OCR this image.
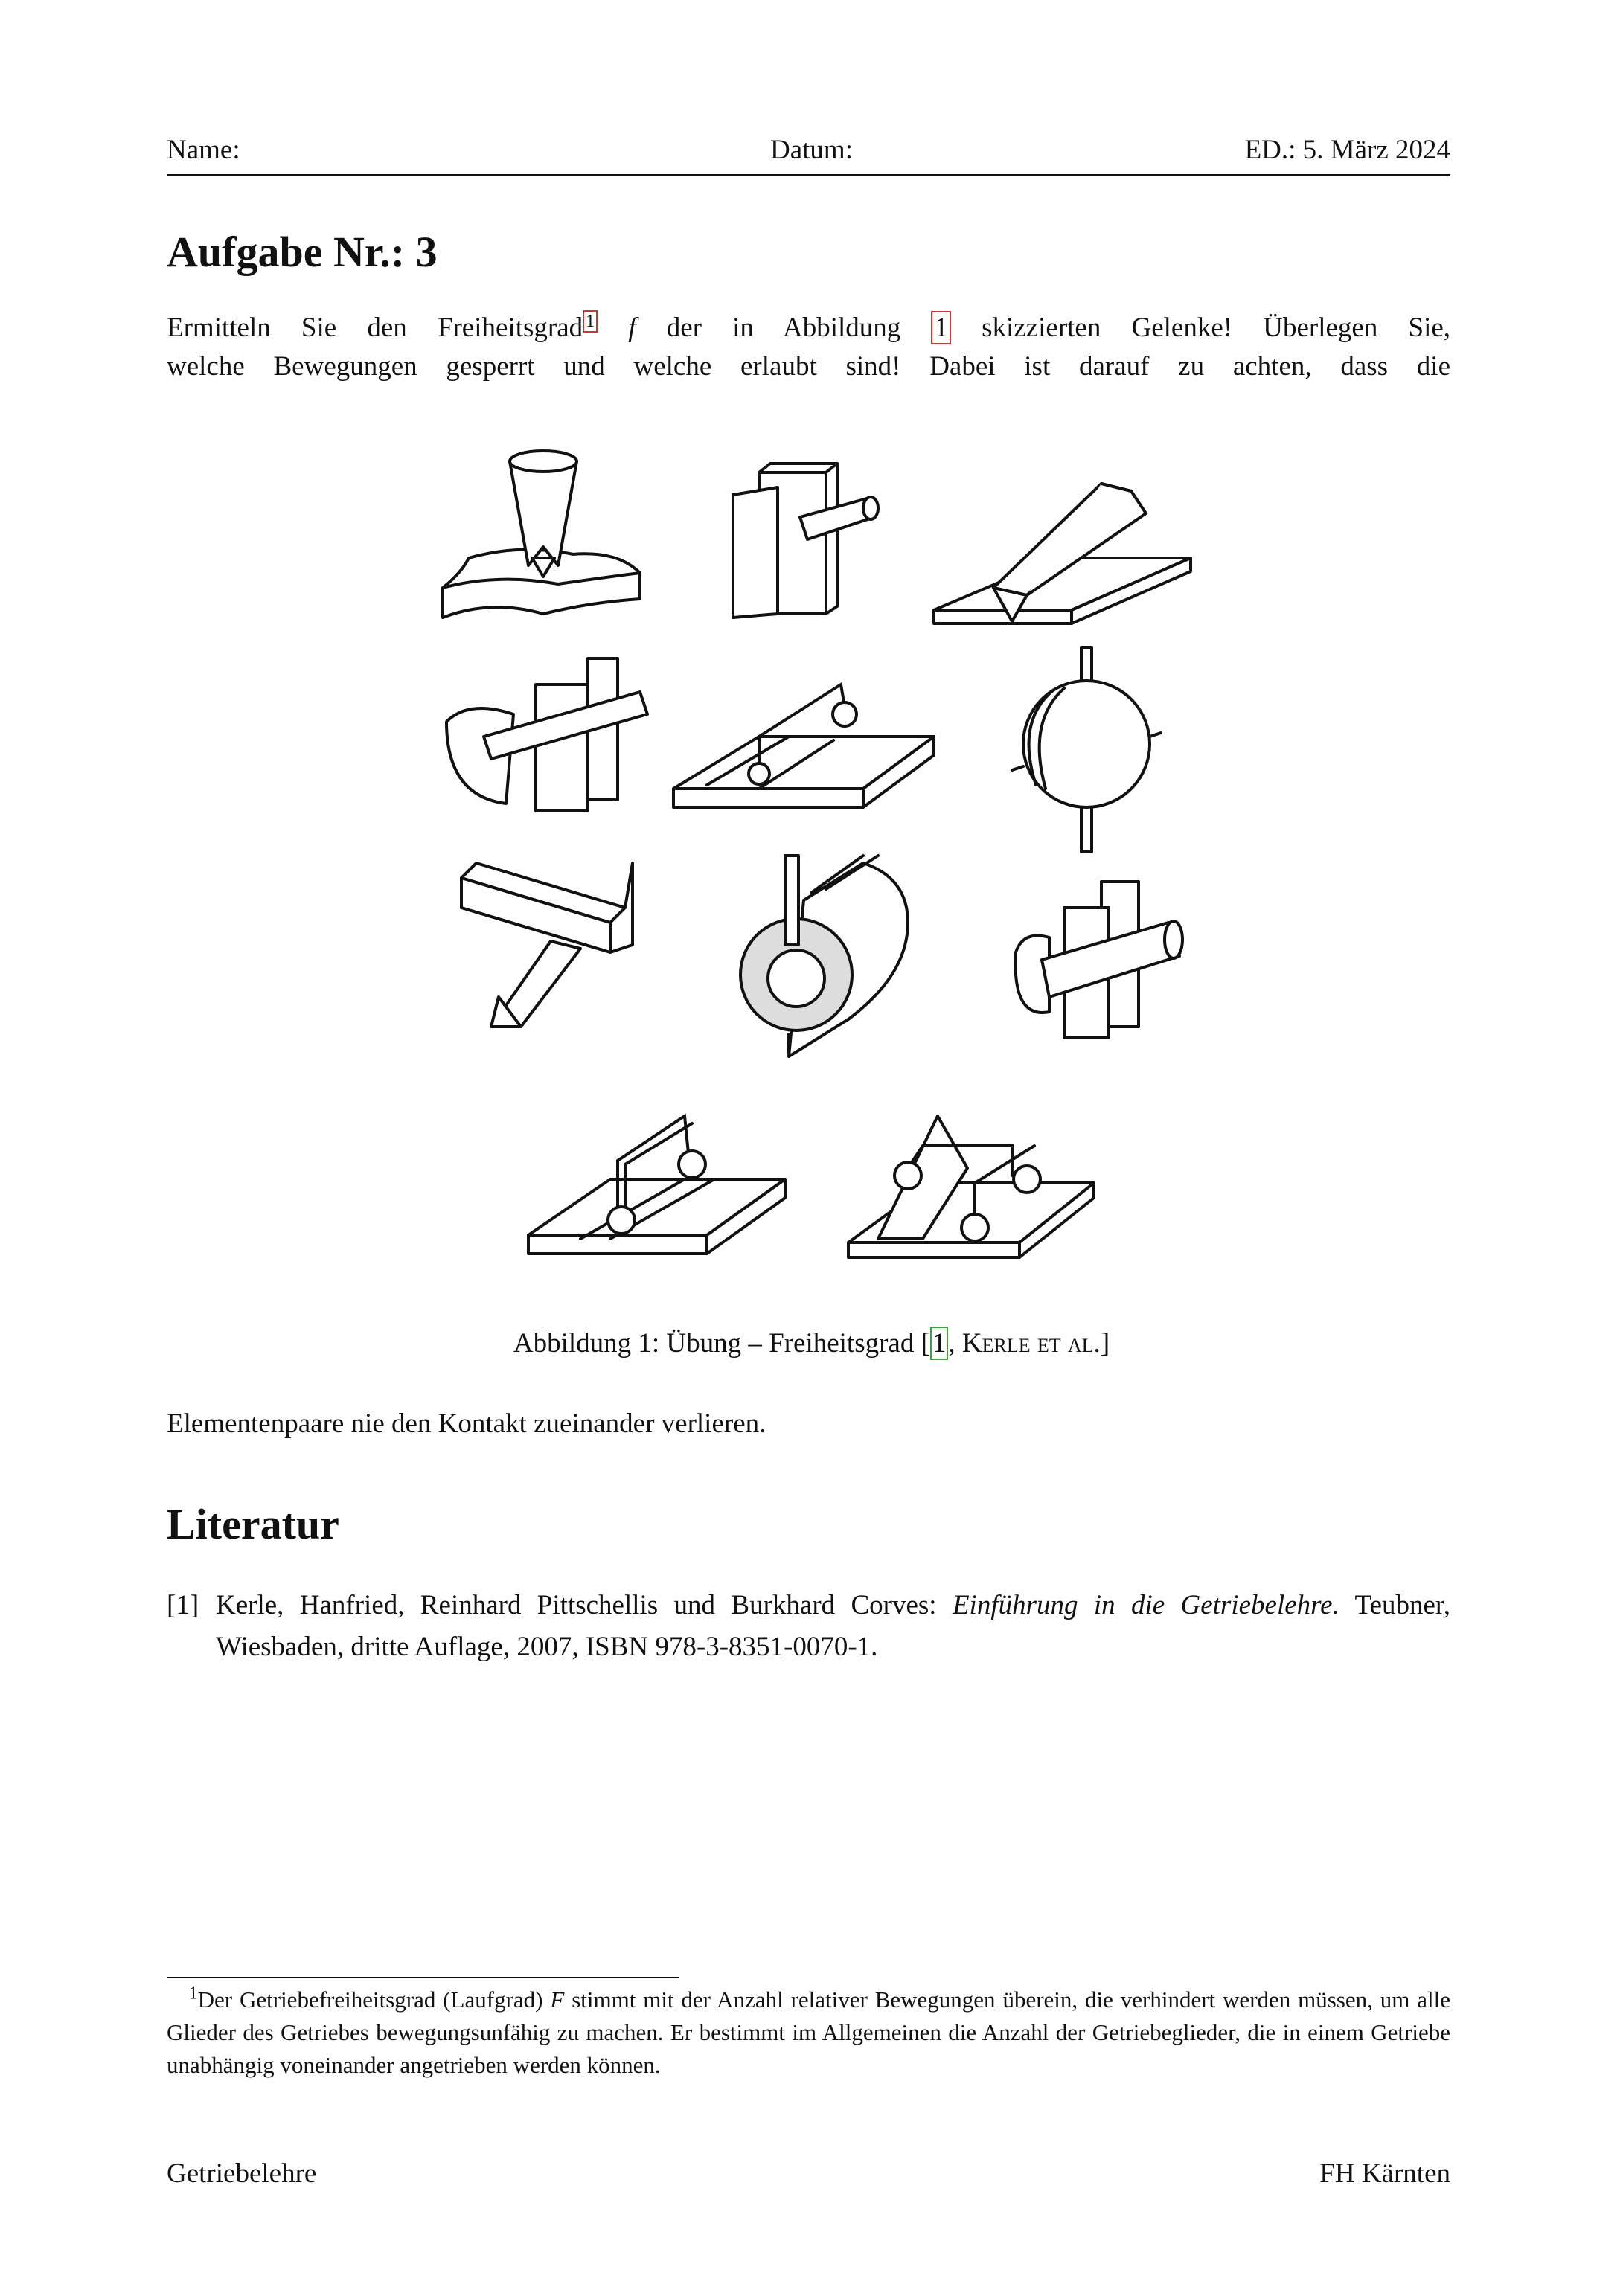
Name:	Datum:	ED.: 5. März 2024
Aufgabe Nr.: 3
Ermitteln Sie den Freiheitsgrad $^1$ f der in Abbildung 1 skizzierten Gelenke! Überlegen Sie,
welche Bewegungen gesperrt und welche erlaubt sind! Dabei ist darauf zu achten, dass die
Abbildung 1: Übung – Freiheitsgrad [1, Kerle et al.]
Elementenpaare nie den Kontakt zueinander verlieren.
Literatur
[1] Kerle, Hanfried, Reinhard Pittschellis und Burkhard Corves: Einführung in die Getriebelehre. Teubner, Wiesbaden, dritte Auflage, 2007, ISBN 978-3-8351-0070-1.
$^1$Der Getriebefreiheitsgrad (Laufgrad) F stimmt mit der Anzahl relativer Bewegungen überein, die verhindert werden müssen, um alle Glieder des Getriebes bewegungsunfähig zu machen. Er bestimmt im Allgemeinen die Anzahl der Getriebeglieder, die in einem Getriebe unabhängig voneinander angetrieben werden können.
Getriebelehre	FH Kärnten
